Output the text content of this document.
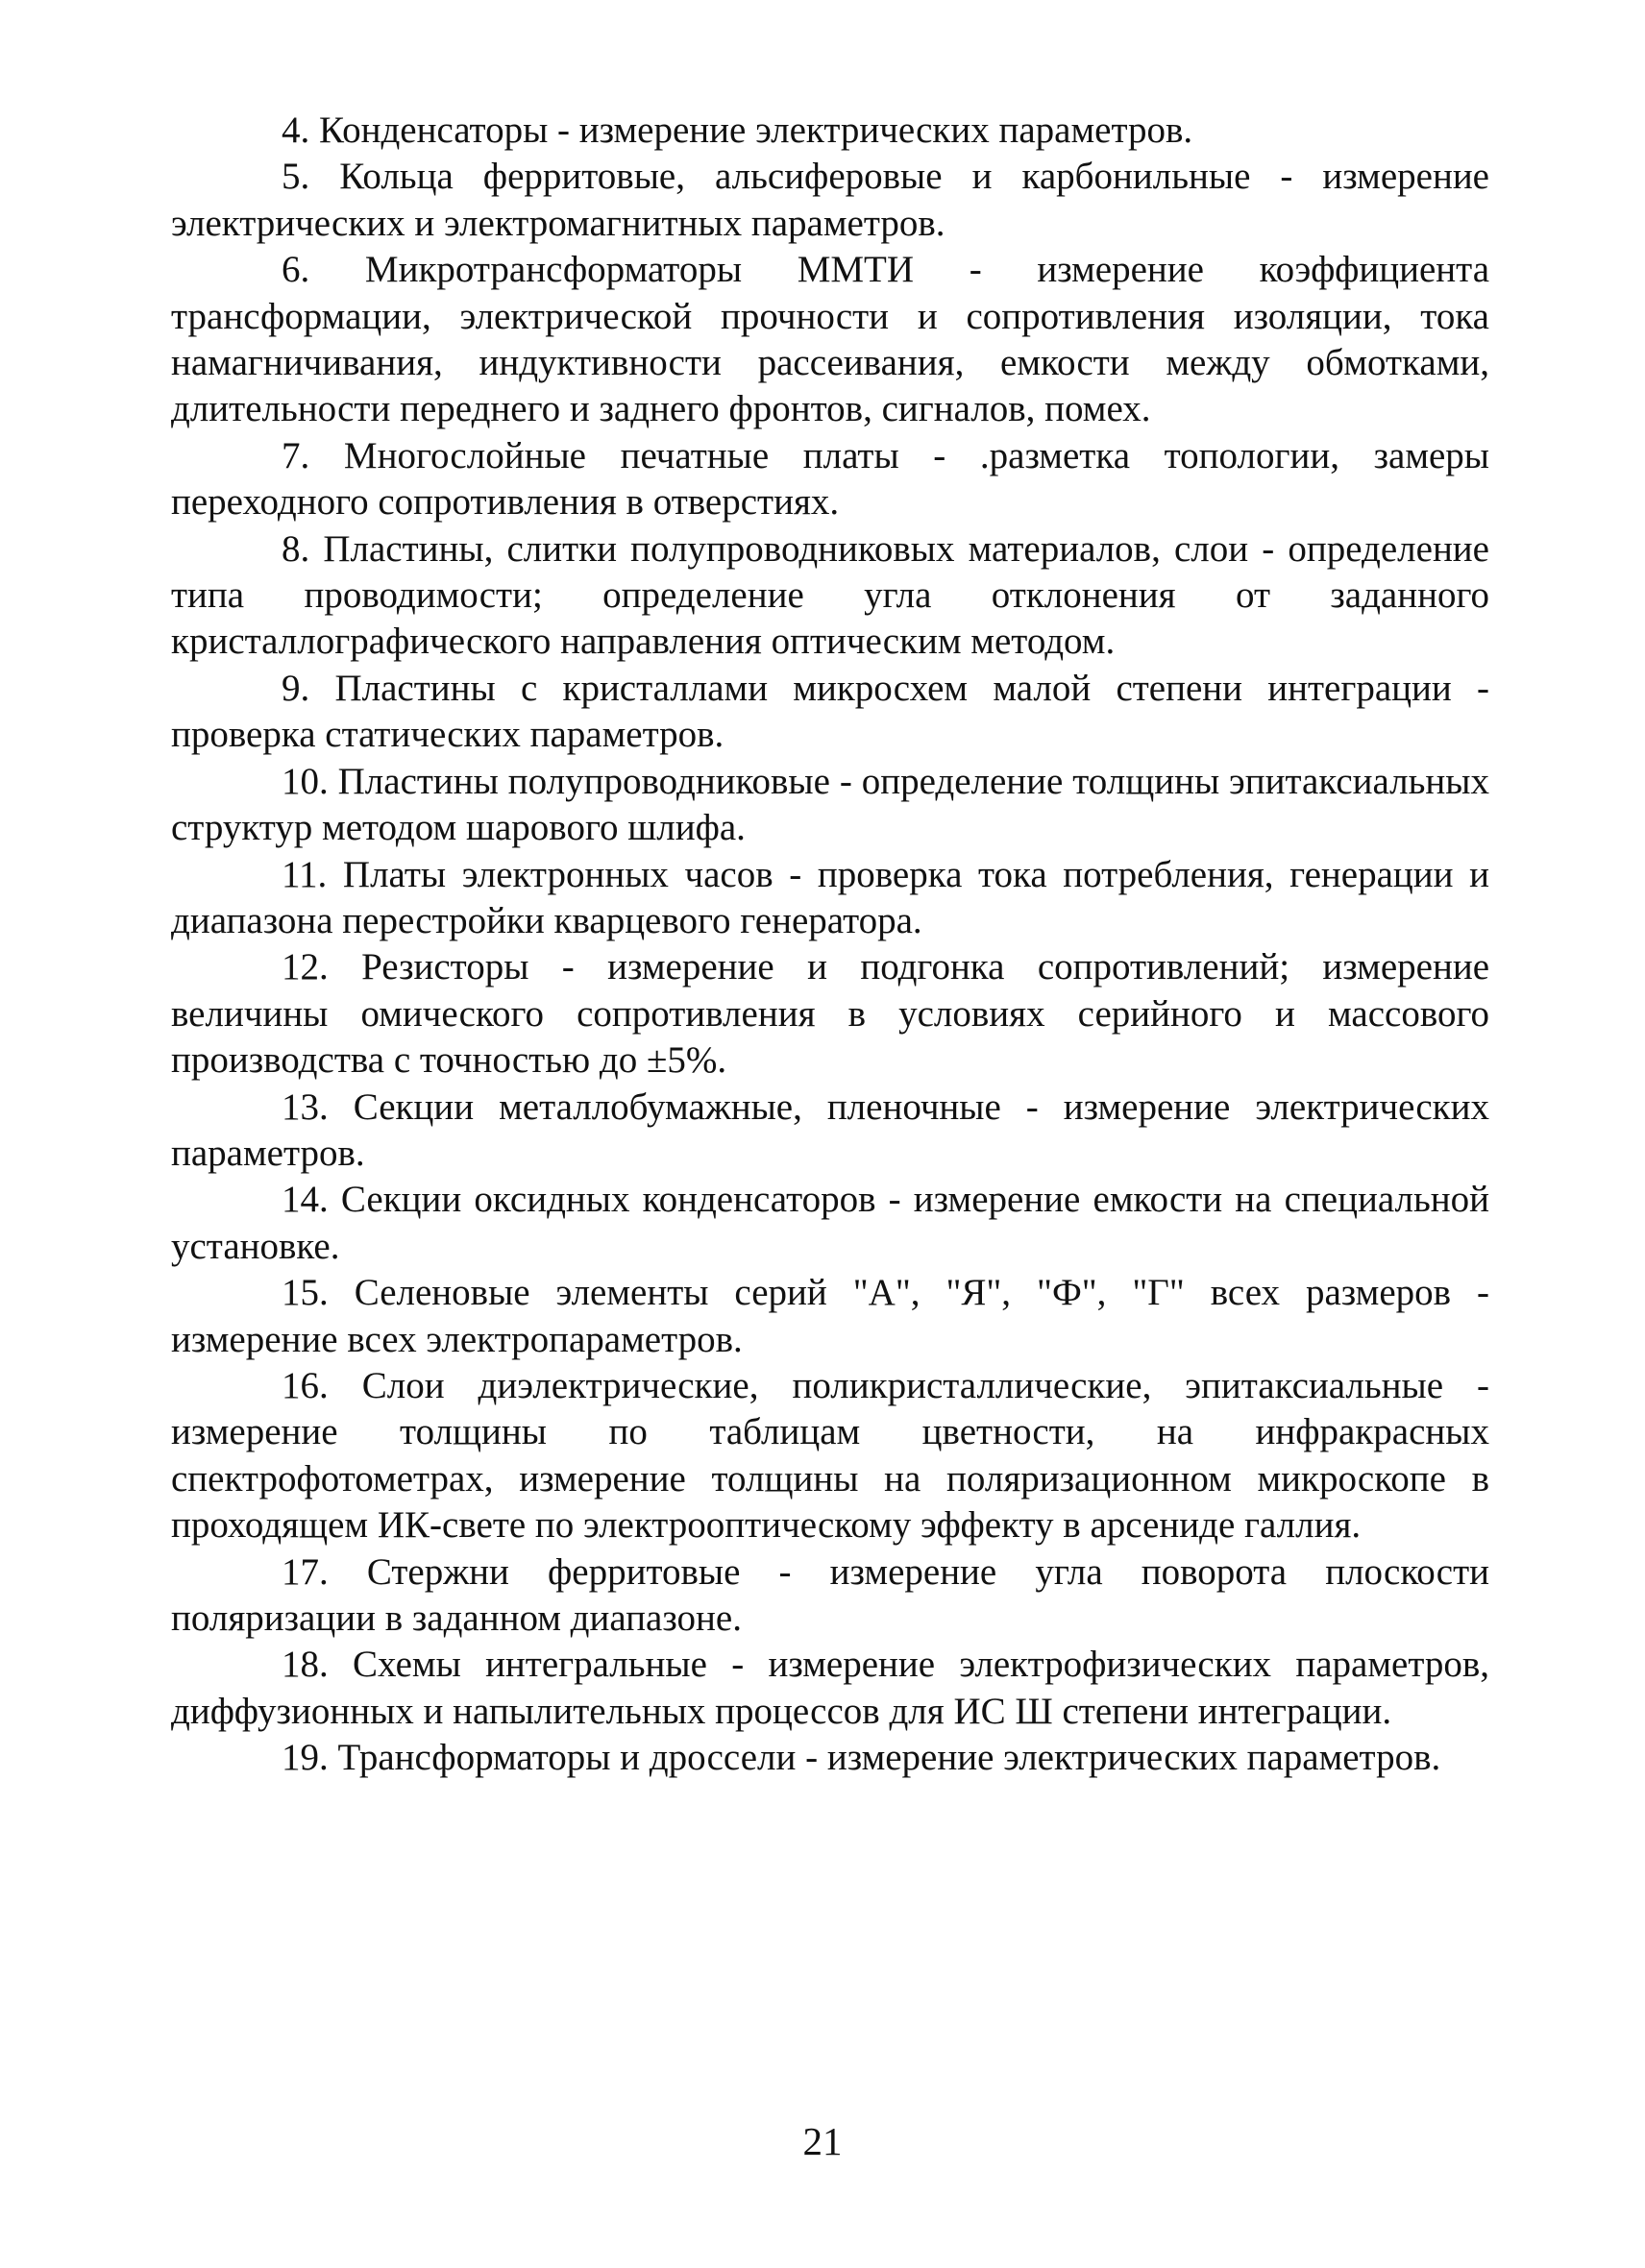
4. Конденсаторы - измерение электрических параметров.

5. Кольца ферритовые, альсиферовые и карбонильные - измерение электрических и электромагнитных параметров.

6. Микротрансформаторы ММТИ - измерение коэффициента трансформации, электрической прочности и сопротивления изоляции, тока намагничивания, индуктивности рассеивания, емкости между обмотками, длительности переднего и заднего фронтов, сигналов, помех.

7. Многослойные печатные платы - .разметка топологии, замеры переходного сопротивления в отверстиях.

8. Пластины, слитки полупроводниковых материалов, слои - определение типа проводимости; определение угла отклонения от заданного кристаллографического направления оптическим методом.

9. Пластины с кристаллами микросхем малой степени интеграции - проверка статических параметров.

10. Пластины полупроводниковые - определение толщины эпитаксиальных структур методом шарового шлифа.

11. Платы электронных часов - проверка тока потребления, генерации и диапазона перестройки кварцевого генератора.

12. Резисторы - измерение и подгонка сопротивлений; измерение величины омического сопротивления в условиях серийного и массового производства с точностью до ±5%.

13. Секции металлобумажные, пленочные - измерение электрических параметров.

14. Секции оксидных конденсаторов - измерение емкости на специальной установке.

15. Селеновые элементы серий "А", "Я", "Ф", "Г" всех размеров - измерение всех электропараметров.

16. Слои диэлектрические, поликристаллические, эпитаксиальные - измерение толщины по таблицам цветности, на инфракрасных спектрофотометрах, измерение толщины на поляризационном микроскопе в проходящем ИК-свете по электрооптическому эффекту в арсениде галлия.

17. Стержни ферритовые - измерение угла поворота плоскости поляризации в заданном диапазоне.

18. Схемы интегральные - измерение электрофизических параметров, диффузионных и напылительных процессов для ИС Ш степени интеграции.

19. Трансформаторы и дроссели - измерение электрических параметров.

21
